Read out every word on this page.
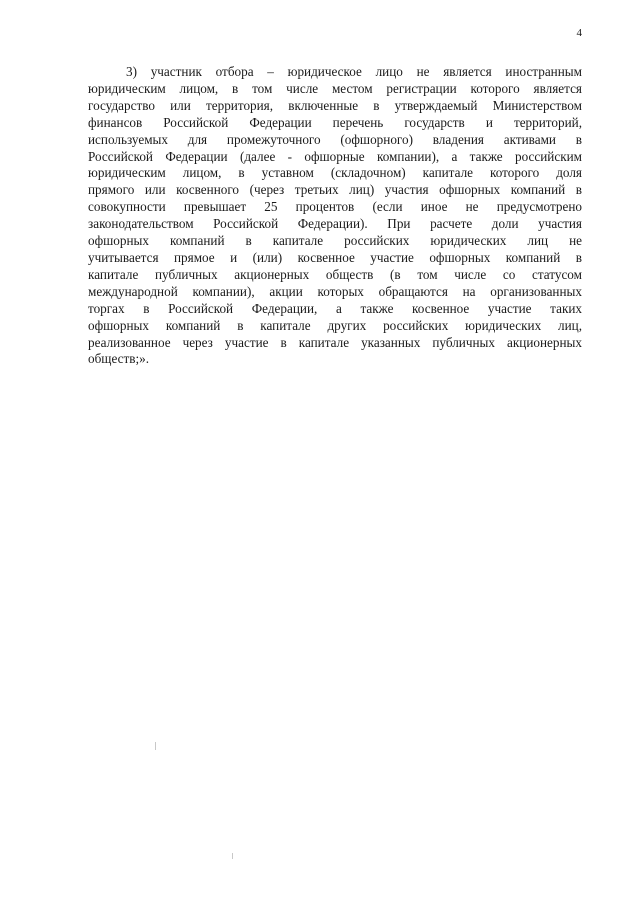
4
3) участник отбора – юридическое лицо не является иностранным
юридическим лицом, в том числе местом регистрации которого является
государство или территория, включенные в утверждаемый Министерством
финансов Российской Федерации перечень государств и территорий,
используемых для промежуточного (офшорного) владения активами в
Российской Федерации (далее - офшорные компании), а также российским
юридическим лицом, в уставном (складочном) капитале которого доля
прямого или косвенного (через третьих лиц) участия офшорных компаний в
совокупности превышает 25 процентов (если иное не предусмотрено
законодательством Российской Федерации). При расчете доли участия
офшорных компаний в капитале российских юридических лиц не
учитывается прямое и (или) косвенное участие офшорных компаний в
капитале публичных акционерных обществ (в том числе со статусом
международной компании), акции которых обращаются на организованных
торгах в Российской Федерации, а также косвенное участие таких
офшорных компаний в капитале других российских юридических лиц,
реализованное через участие в капитале указанных публичных акционерных
обществ;».
